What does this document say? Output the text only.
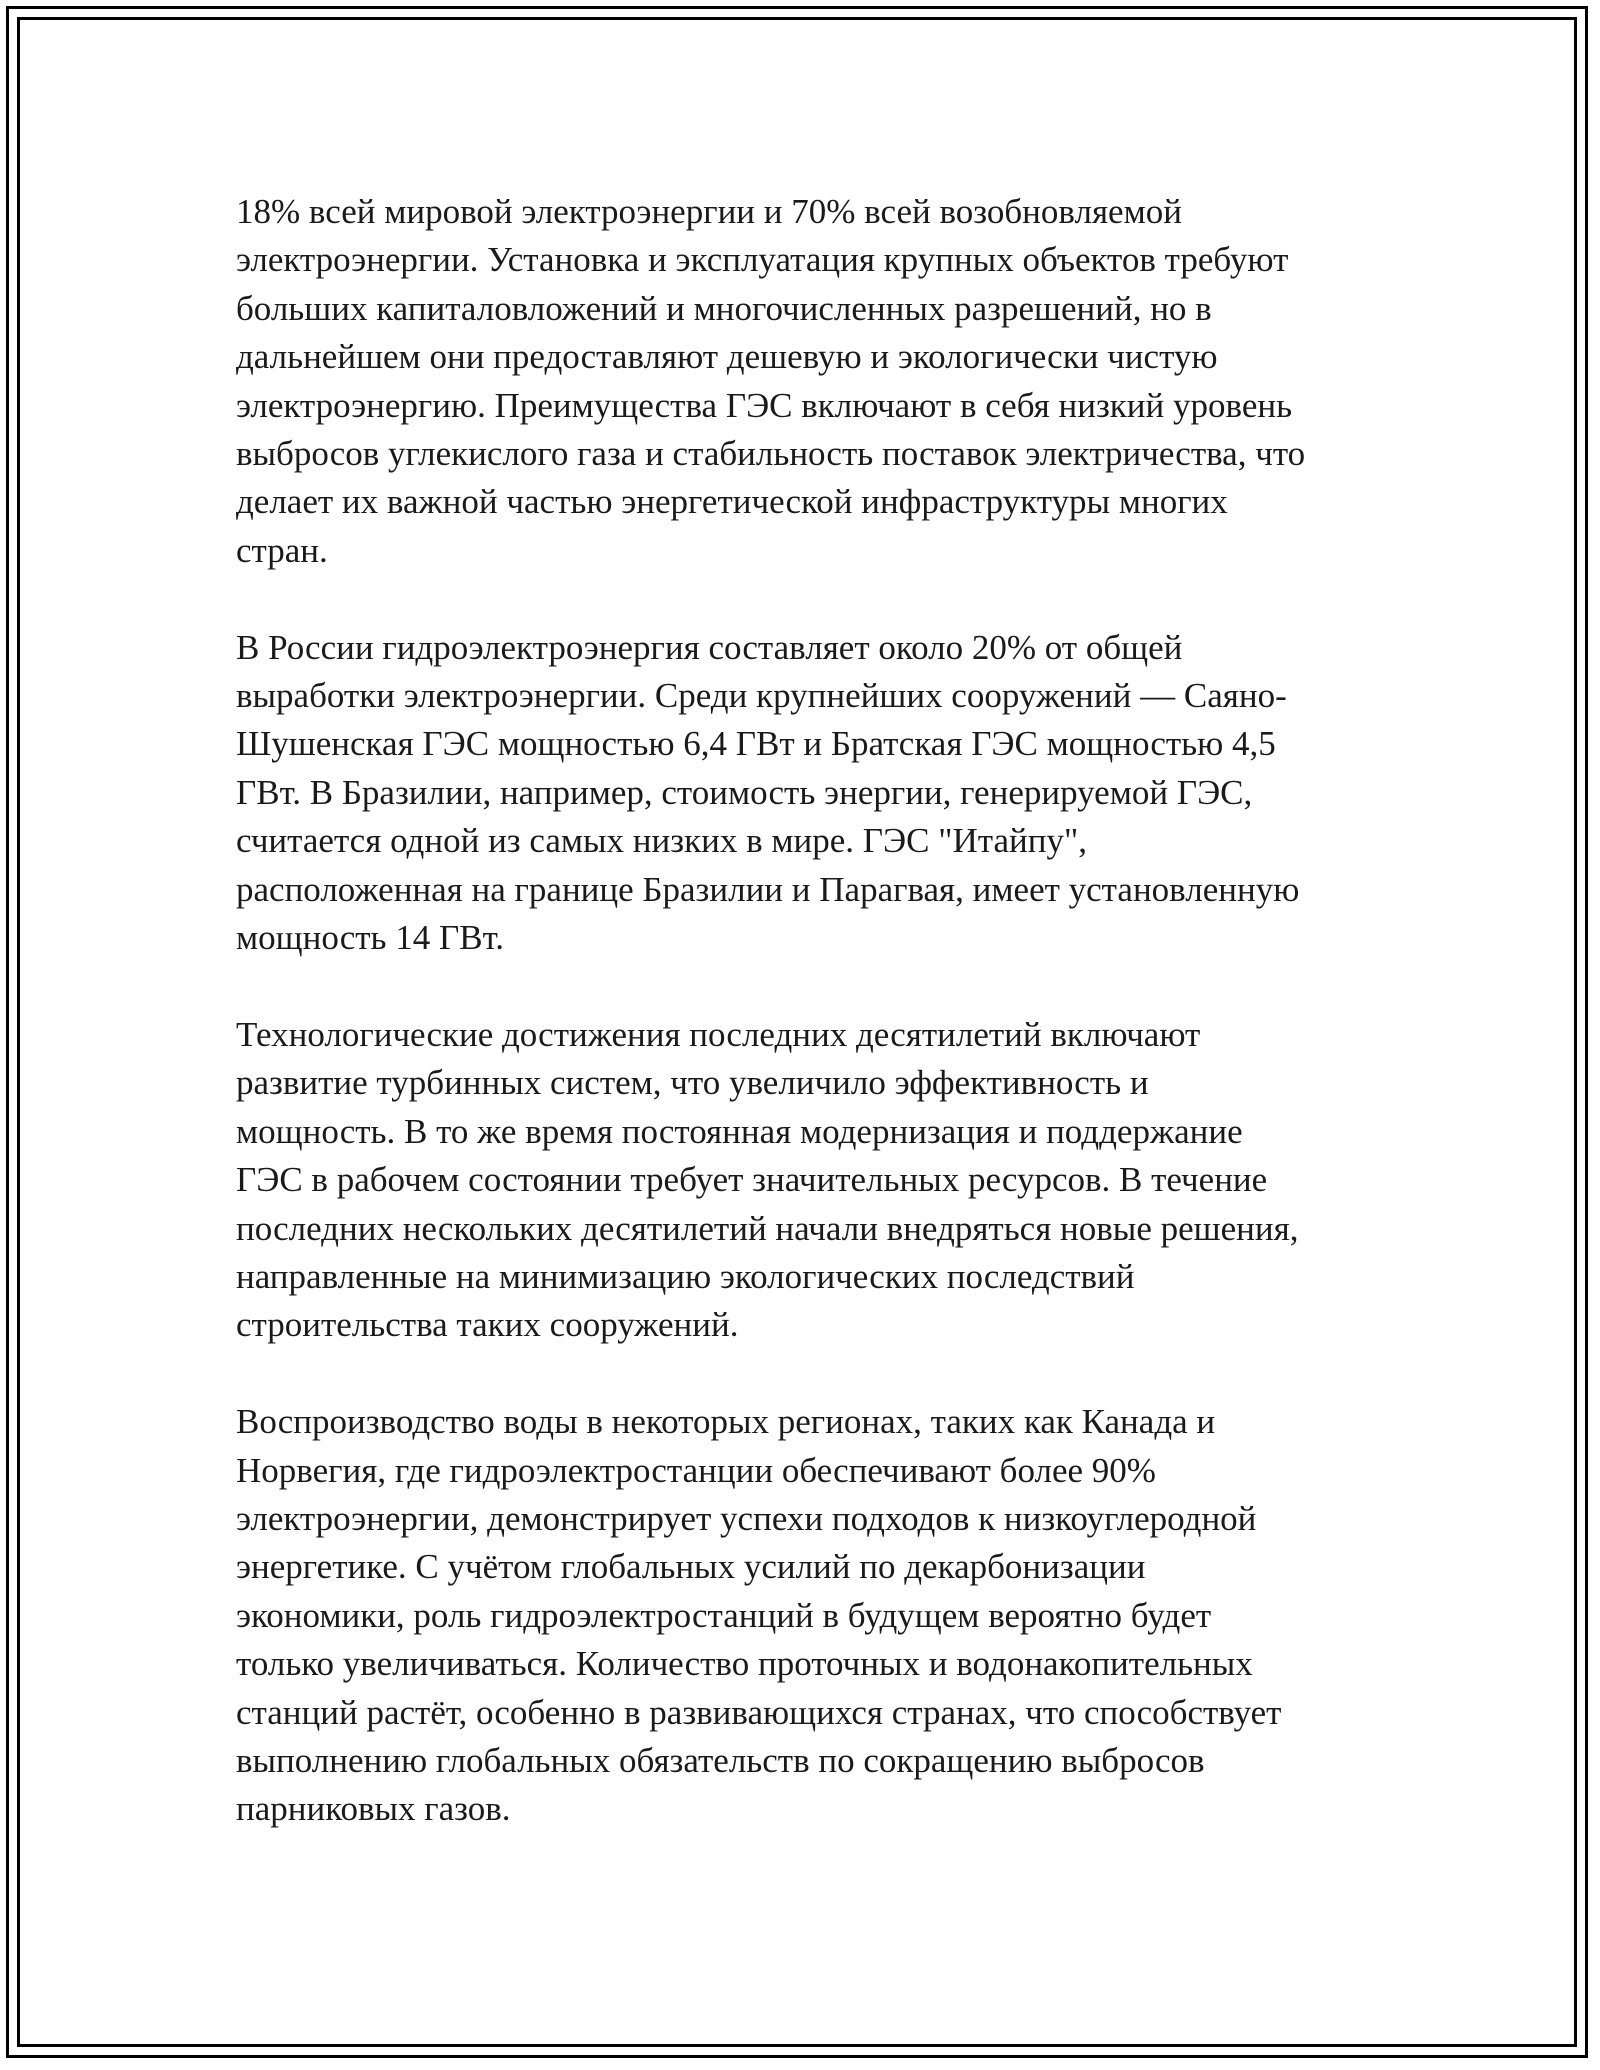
18% всей мировой электроэнергии и 70% всей возобновляемой
электроэнергии. Установка и эксплуатация крупных объектов требуют
больших капиталовложений и многочисленных разрешений, но в
дальнейшем они предоставляют дешевую и экологически чистую
электроэнергию. Преимущества ГЭС включают в себя низкий уровень
выбросов углекислого газа и стабильность поставок электричества, что
делает их важной частью энергетической инфраструктуры многих
стран.

В России гидроэлектроэнергия составляет около 20% от общей
выработки электроэнергии. Среди крупнейших сооружений — Саяно-
Шушенская ГЭС мощностью 6,4 ГВт и Братская ГЭС мощностью 4,5
ГВт. В Бразилии, например, стоимость энергии, генерируемой ГЭС,
считается одной из самых низких в мире. ГЭС "Итайпу",
расположенная на границе Бразилии и Парагвая, имеет установленную
мощность 14 ГВт.

Технологические достижения последних десятилетий включают
развитие турбинных систем, что увеличило эффективность и
мощность. В то же время постоянная модернизация и поддержание
ГЭС в рабочем состоянии требует значительных ресурсов. В течение
последних нескольких десятилетий начали внедряться новые решения,
направленные на минимизацию экологических последствий
строительства таких сооружений.

Воспроизводство воды в некоторых регионах, таких как Канада и
Норвегия, где гидроэлектростанции обеспечивают более 90%
электроэнергии, демонстрирует успехи подходов к низкоуглеродной
энергетике. С учётом глобальных усилий по декарбонизации
экономики, роль гидроэлектростанций в будущем вероятно будет
только увеличиваться. Количество проточных и водонакопительных
станций растёт, особенно в развивающихся странах, что способствует
выполнению глобальных обязательств по сокращению выбросов
парниковых газов.
